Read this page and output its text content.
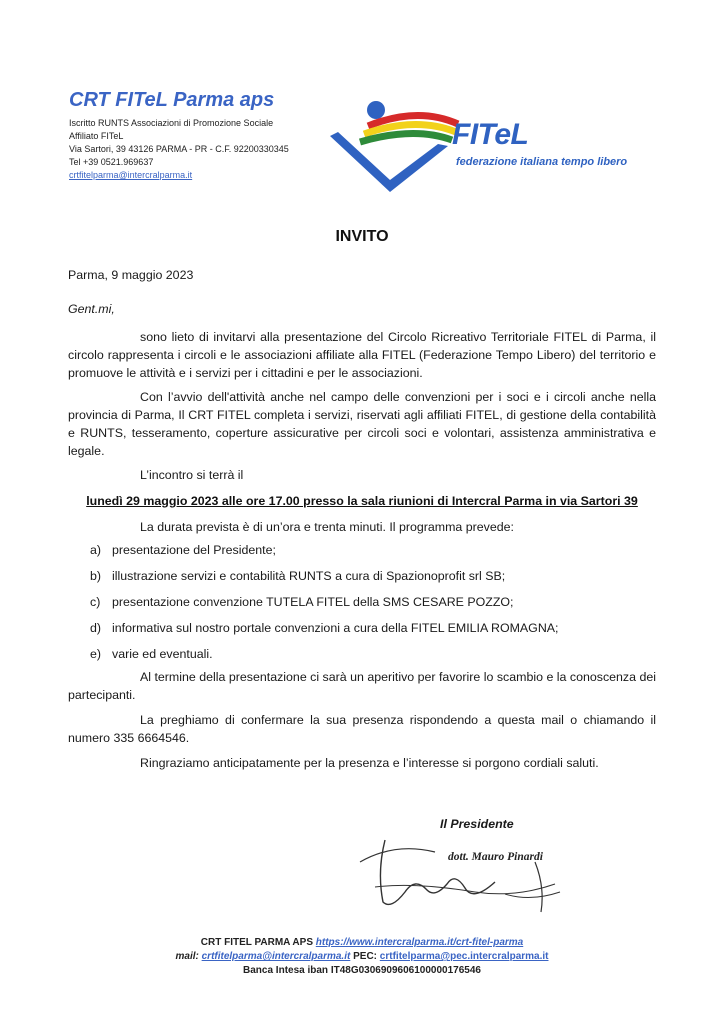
CRT FITeL Parma aps
Iscritto RUNTS Associazioni di Promozione Sociale
Affiliato FITeL
Via Sartori, 39 43126 PARMA - PR - C.F. 92200330345
Tel +39 0521.969637
crtfitelparma@intercralparma.it
FITeL
federazione italiana tempo libero
INVITO
Parma, 9 maggio 2023
Gent.mi,
sono lieto di invitarvi alla presentazione del Circolo Ricreativo Territoriale FITEL di Parma, il circolo rappresenta i circoli e le associazioni affiliate alla FITEL (Federazione Tempo Libero) del territorio e promuove le attività e i servizi per i cittadini e per le associazioni.
Con l’avvio dell'attività anche nel campo delle convenzioni per i soci e i circoli anche nella provincia di Parma, Il CRT FITEL completa i servizi, riservati agli affiliati FITEL, di gestione della contabilità e RUNTS, tesseramento, coperture assicurative per circoli soci e volontari, assistenza amministrativa e legale.
L’incontro si terrà il
lunedì 29 maggio 2023 alle ore 17.00 presso la sala riunioni di Intercral Parma in via Sartori 39
La durata prevista è di un’ora e trenta minuti. Il programma prevede:
a) presentazione del Presidente;
b) illustrazione servizi e contabilità RUNTS a cura di Spazionoprofit srl SB;
c) presentazione convenzione TUTELA FITEL della SMS CESARE POZZO;
d) informativa sul nostro portale convenzioni a cura della FITEL EMILIA ROMAGNA;
e) varie ed eventuali.
Al termine della presentazione ci sarà un aperitivo per favorire lo scambio e la conoscenza dei partecipanti.
La preghiamo di confermare la sua presenza rispondendo a questa mail o chiamando il numero 335 6664546.
Ringraziamo anticipatamente per la presenza e l’interesse si porgono cordiali saluti.
Il Presidente
dott. Mauro Pinardi
CRT FITEL PARMA APS https://www.intercralparma.it/crt-fitel-parma
mail: crtfitelparma@intercralparma.it PEC: crtfitelparma@pec.intercralparma.it
Banca Intesa iban IT48G0306909606100000176546
